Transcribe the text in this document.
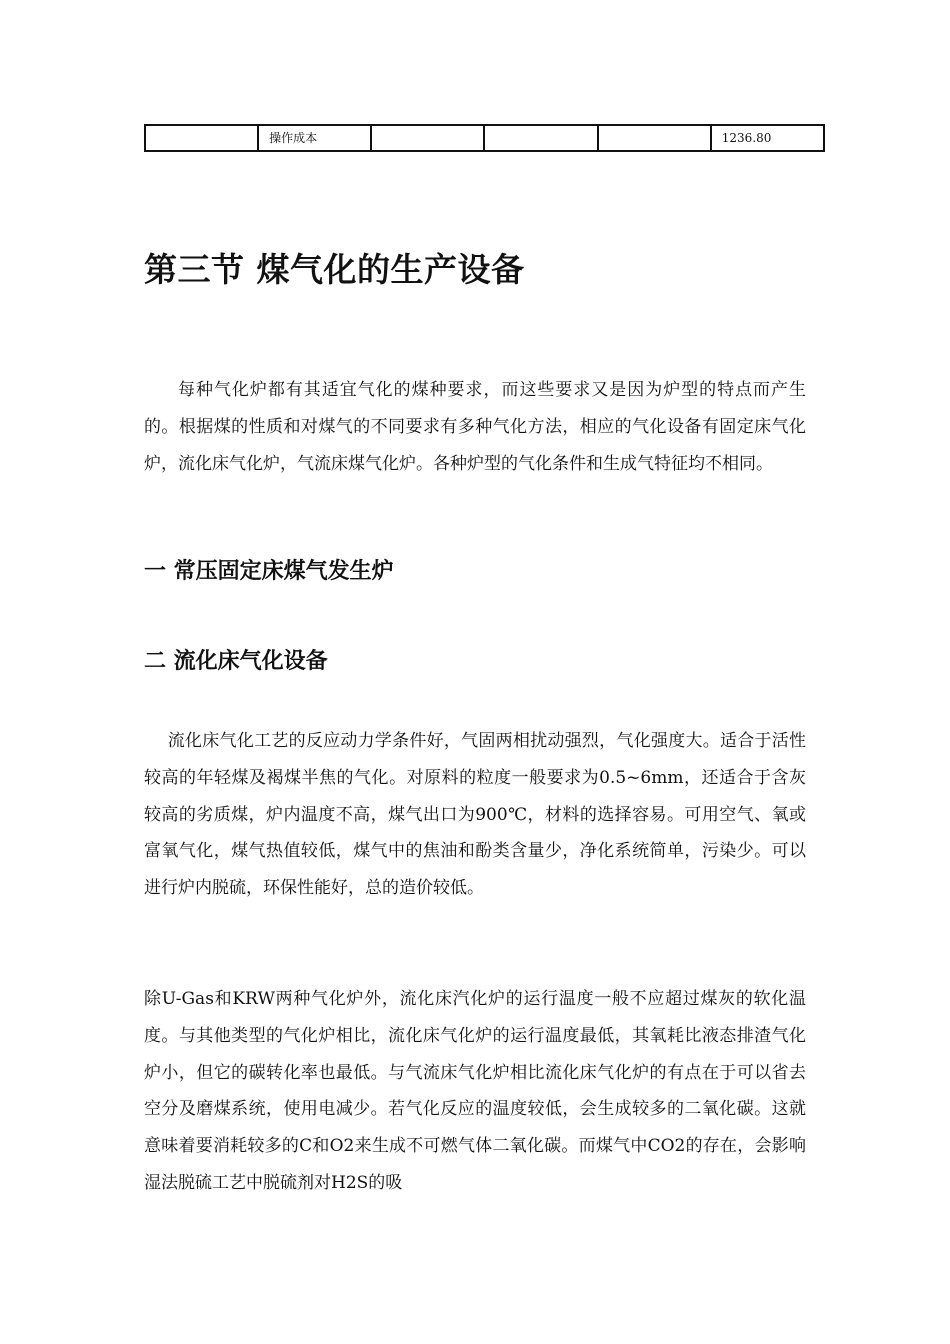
	操作成本				1236.80
第三节 煤气化的生产设备

每种气化炉都有其适宜气化的煤种要求，而这些要求又是因为炉型的特点而产生的。根据煤的性质和对煤气的不同要求有多种气化方法，相应的气化设备有固定床气化炉，流化床气化炉，气流床煤气化炉。各种炉型的气化条件和生成气特征均不相同。

一 常压固定床煤气发生炉
二 流化床气化设备

流化床气化工艺的反应动力学条件好，气固两相扰动强烈，气化强度大。适合于活性较高的年轻煤及褐煤半焦的气化。对原料的粒度一般要求为0.5~6mm，还适合于含灰较高的劣质煤，炉内温度不高，煤气出口为900℃，材料的选择容易。可用空气、氧或富氧气化，煤气热值较低，煤气中的焦油和酚类含量少，净化系统简单，污染少。可以进行炉内脱硫，环保性能好，总的造价较低。

除U-Gas和KRW两种气化炉外，流化床汽化炉的运行温度一般不应超过煤灰的软化温度。与其他类型的气化炉相比，流化床气化炉的运行温度最低，其氧耗比液态排渣气化炉小，但它的碳转化率也最低。与气流床气化炉相比流化床气化炉的有点在于可以省去空分及磨煤系统，使用电减少。若气化反应的温度较低，会生成较多的二氧化碳。这就意味着要消耗较多的C和O2来生成不可燃气体二氧化碳。而煤气中CO2的存在，会影响湿法脱硫工艺中脱硫剂对H2S的吸
